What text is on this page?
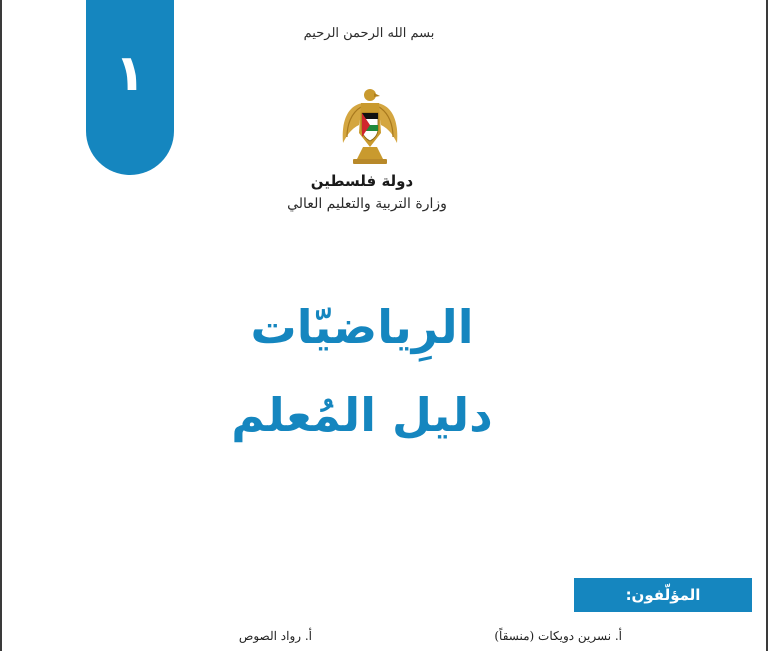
١
بسم الله الرحمن الرحيم
دولة فلسطين
وزارة التربية والتعليم العالي
الرِياضيّات
دليل المُعلم
المؤلّفون:
أ. نسرين دويكات (منسقاً)
أ. رواد الصوص
